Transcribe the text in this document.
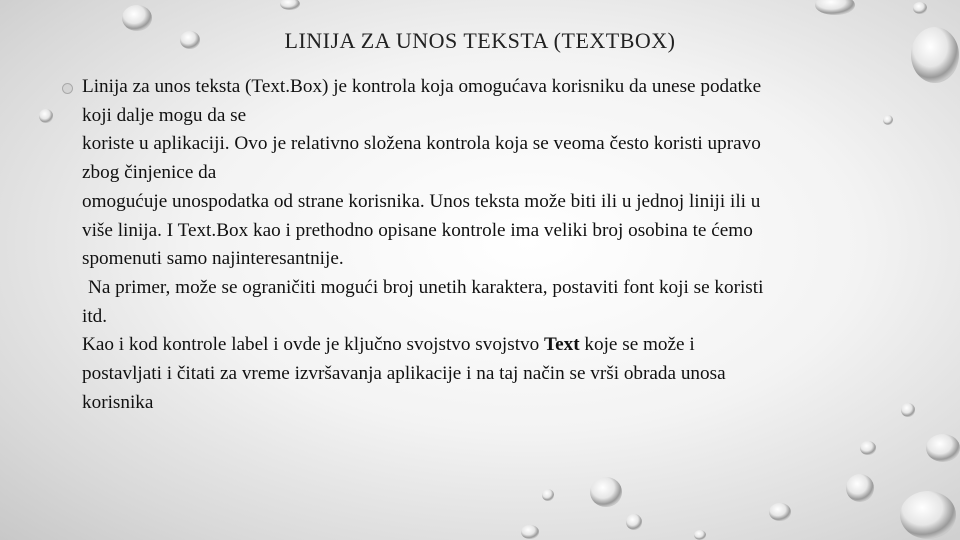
LINIJA ZA UNOS TEKSTA (TEXTBOX)
Linija za unos teksta (Text.Box) je kontrola koja omogućava korisniku da unese podatke
koji dalje mogu da se
koriste u aplikaciji. Ovo je relativno složena kontrola koja se veoma često koristi upravo
zbog činjenice da
omogućuje unospodatka od strane korisnika. Unos teksta može biti ili u jednoj liniji ili u
više linija. I Text.Box kao i prethodno opisane kontrole ima veliki broj osobina te ćemo
spomenuti samo najinteresantnije.
Na primer, može se ograničiti mogući broj unetih karaktera, postaviti font koji se koristi
itd.
Kao i kod kontrole label i ovde je ključno svojstvo svojstvo Text koje se može i
postavljati i čitati za vreme izvršavanja aplikacije i na taj način se vrši obrada unosa
korisnika
